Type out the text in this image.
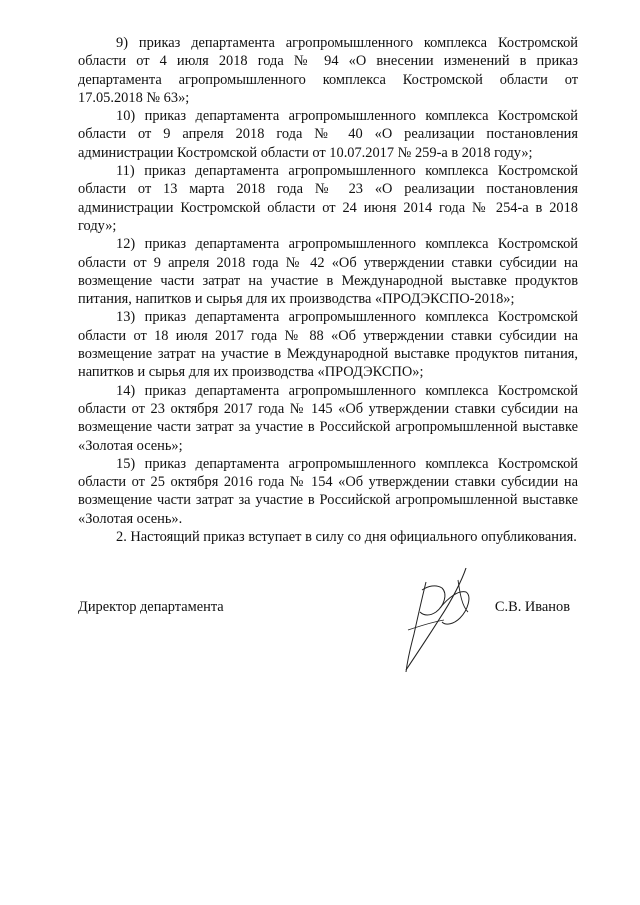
9) приказ департамента агропромышленного комплекса Костромской области от 4 июля 2018 года № 94 «О внесении изменений в приказ департамента агропромышленного комплекса Костромской области от 17.05.2018 № 63»;

10) приказ департамента агропромышленного комплекса Костромской области от 9 апреля 2018 года № 40 «О реализации постановления администрации Костромской области от 10.07.2017 № 259-а в 2018 году»;

11) приказ департамента агропромышленного комплекса Костромской области от 13 марта 2018 года № 23 «О реализации постановления администрации Костромской области от 24 июня 2014 года № 254-а в 2018 году»;

12) приказ департамента агропромышленного комплекса Костромской области от 9 апреля 2018 года № 42 «Об утверждении ставки субсидии на возмещение части затрат на участие в Международной выставке продуктов питания, напитков и сырья для их производства «ПРОДЭКСПО-2018»;

13) приказ департамента агропромышленного комплекса Костромской области от 18 июля 2017 года № 88 «Об утверждении ставки субсидии на возмещение затрат на участие в Международной выставке продуктов питания, напитков и сырья для их производства «ПРОДЭКСПО»;

14) приказ департамента агропромышленного комплекса Костромской области от 23 октября 2017 года № 145 «Об утверждении ставки субсидии на возмещение части затрат за участие в Российской агропромышленной выставке «Золотая осень»;

15) приказ департамента агропромышленного комплекса Костромской области от 25 октября 2016 года № 154 «Об утверждении ставки субсидии на возмещение части затрат за участие в Российской агропромышленной выставке «Золотая осень».

2. Настоящий приказ вступает в силу со дня официального опубликования.

Директор департамента	С.В. Иванов
